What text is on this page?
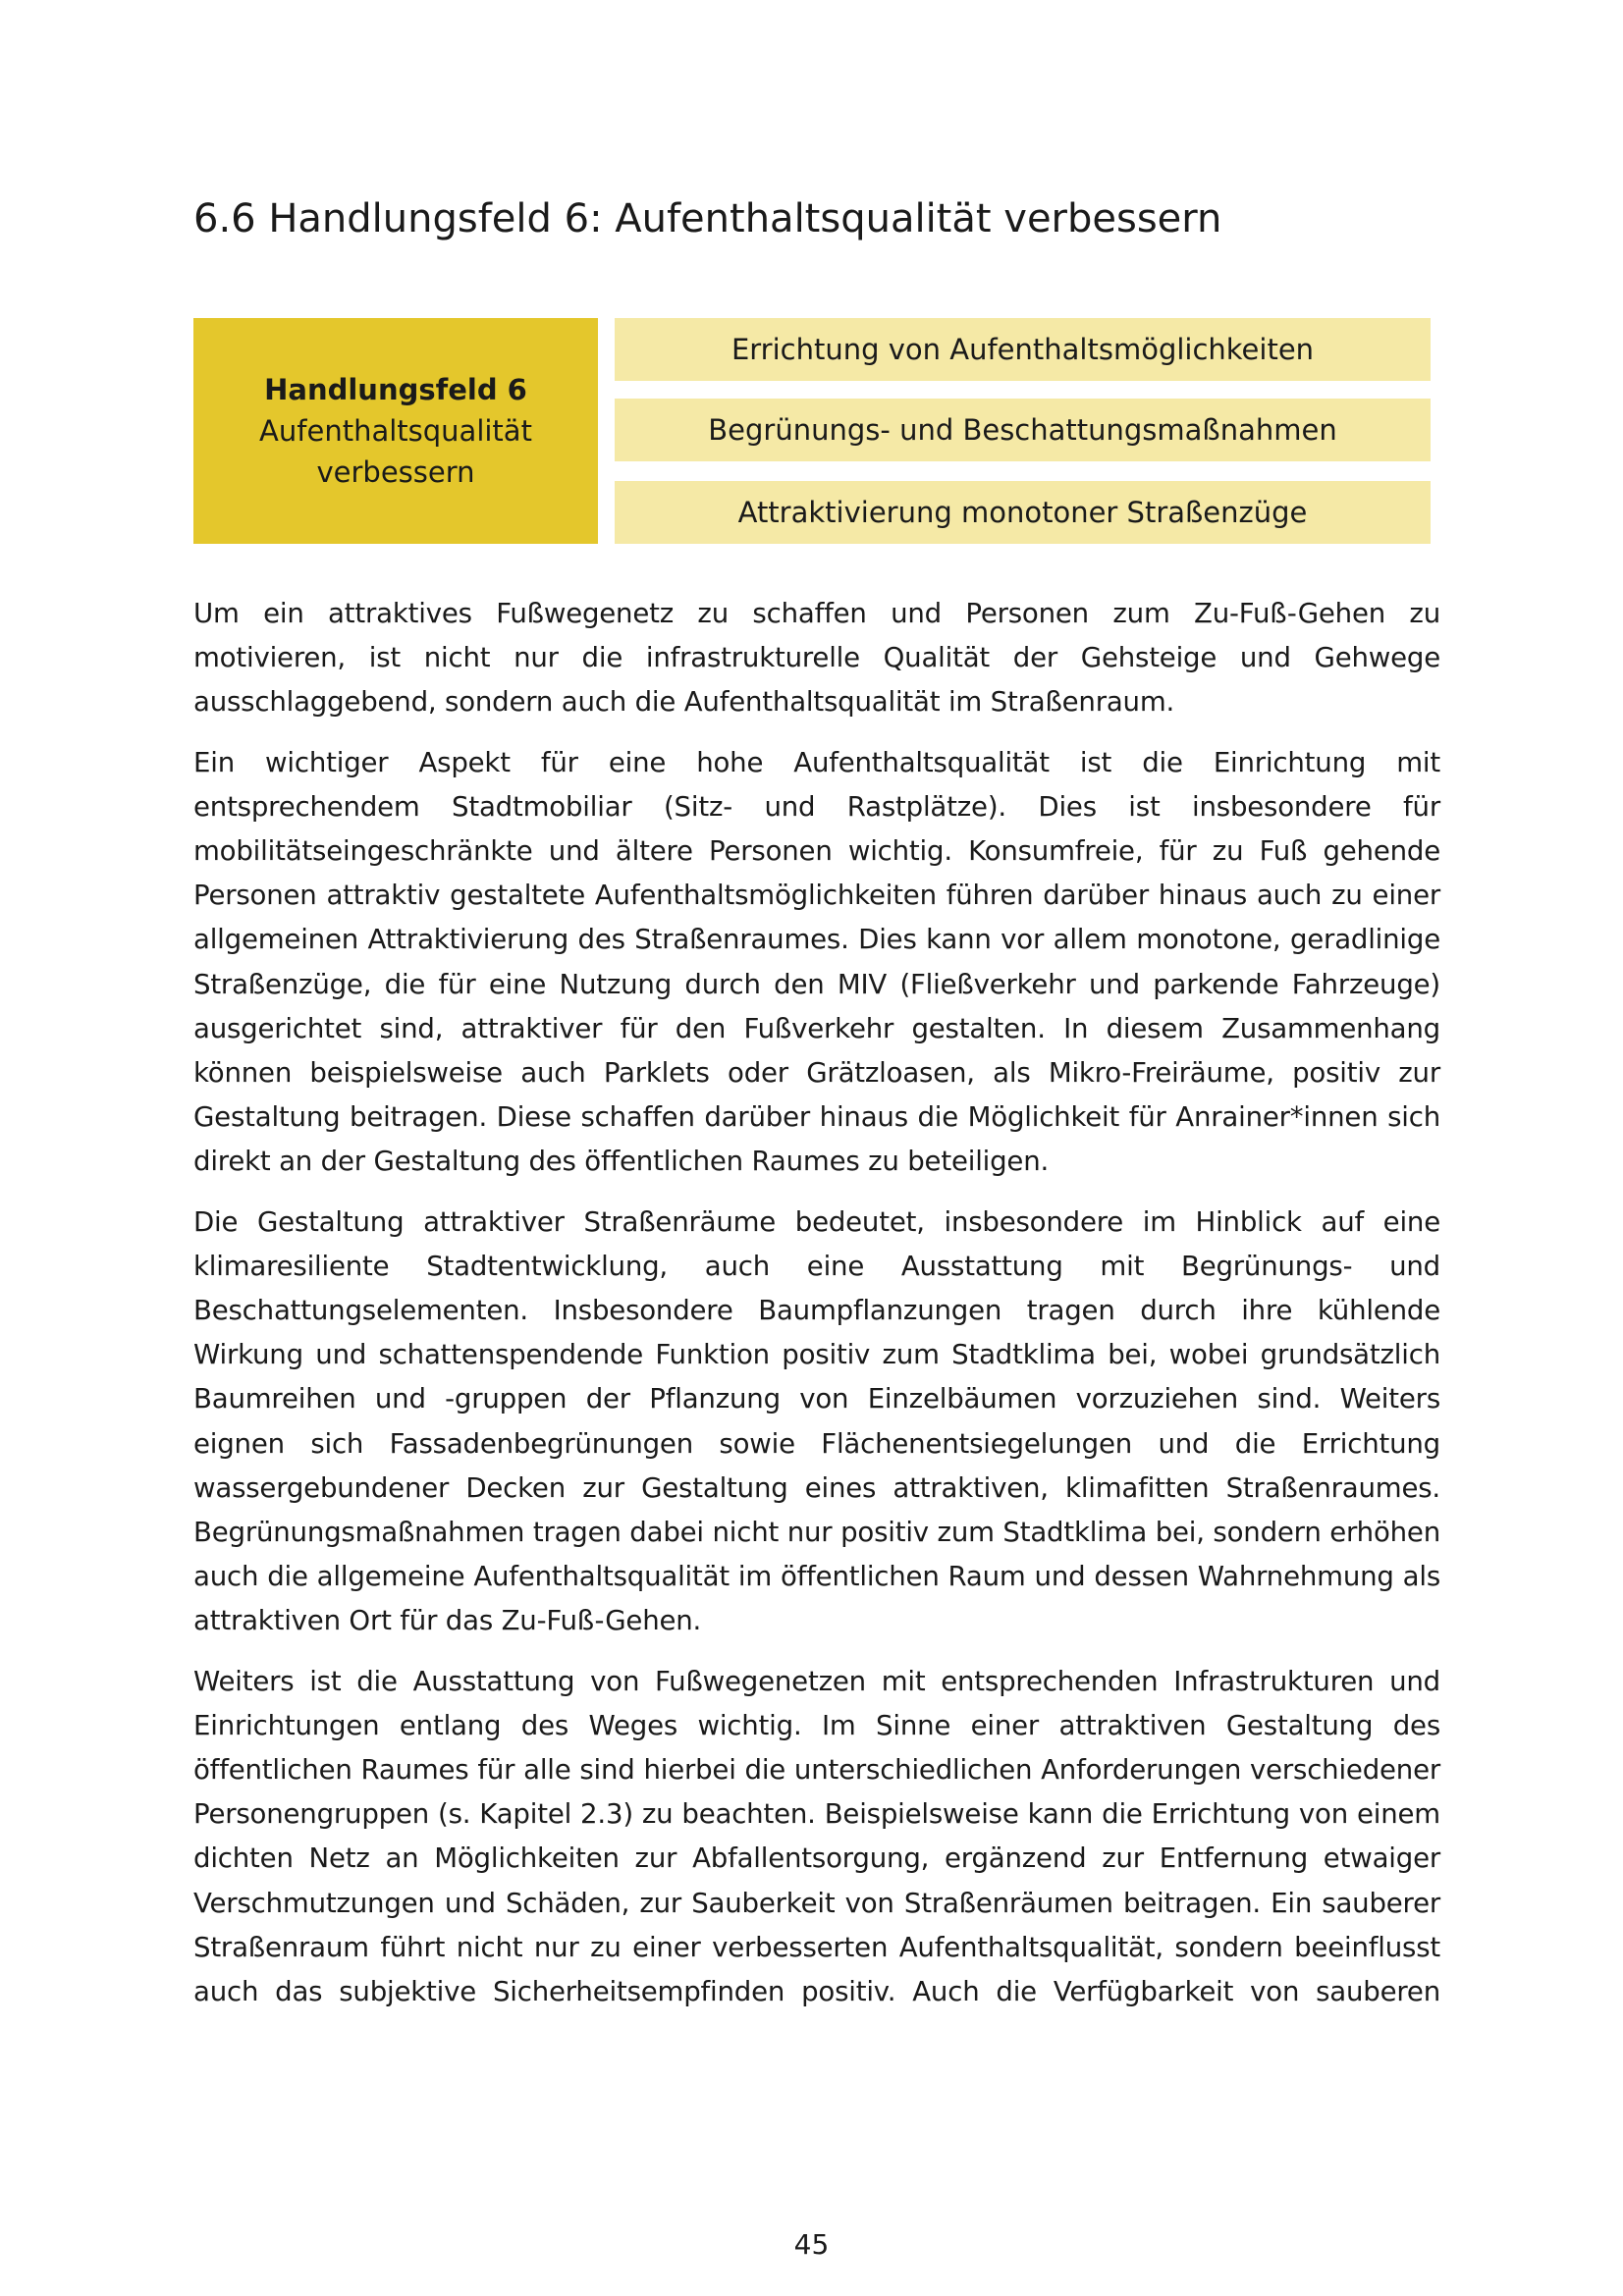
6.6 Handlungsfeld 6: Aufenthaltsqualität verbessern
Handlungsfeld 6
Aufenthaltsqualität
verbessern
Errichtung von Aufenthaltsmöglichkeiten
Begrünungs- und Beschattungsmaßnahmen
Attraktivierung monotoner Straßenzüge

Um ein attraktives Fußwegenetz zu schaffen und Personen zum Zu-Fuß-Gehen zu motivieren, ist nicht nur die infrastrukturelle Qualität der Gehsteige und Gehwege ausschlaggebend, sondern auch die Aufenthaltsqualität im Straßenraum.

Ein wichtiger Aspekt für eine hohe Aufenthaltsqualität ist die Einrichtung mit entsprechendem Stadtmobiliar (Sitz- und Rastplätze). Dies ist insbesondere für mobilitätseingeschränkte und ältere Personen wichtig. Konsumfreie, für zu Fuß gehende Personen attraktiv gestaltete Aufenthaltsmöglichkeiten führen darüber hinaus auch zu einer allgemeinen Attraktivierung des Straßenraumes. Dies kann vor allem monotone, geradlinige Straßenzüge, die für eine Nutzung durch den MIV (Fließverkehr und parkende Fahrzeuge) ausgerichtet sind, attraktiver für den Fußverkehr gestalten. In diesem Zusammenhang können beispielsweise auch Parklets oder Grätzloasen, als Mikro-Freiräume, positiv zur Gestaltung beitragen. Diese schaffen darüber hinaus die Möglichkeit für Anrainer*innen sich direkt an der Gestaltung des öffentlichen Raumes zu beteiligen.

Die Gestaltung attraktiver Straßenräume bedeutet, insbesondere im Hinblick auf eine klimaresiliente Stadtentwicklung, auch eine Ausstattung mit Begrünungs- und Beschattungselementen. Insbesondere Baumpflanzungen tragen durch ihre kühlende Wirkung und schattenspendende Funktion positiv zum Stadtklima bei, wobei grundsätzlich Baumreihen und -gruppen der Pflanzung von Einzelbäumen vorzuziehen sind. Weiters eignen sich Fassadenbegrünungen sowie Flächenentsiegelungen und die Errichtung wassergebundener Decken zur Gestaltung eines attraktiven, klimafitten Straßenraumes. Begrünungsmaßnahmen tragen dabei nicht nur positiv zum Stadtklima bei, sondern erhöhen auch die allgemeine Aufenthaltsqualität im öffentlichen Raum und dessen Wahrnehmung als attraktiven Ort für das Zu-Fuß-Gehen.

Weiters ist die Ausstattung von Fußwegenetzen mit entsprechenden Infrastrukturen und Einrichtungen entlang des Weges wichtig. Im Sinne einer attraktiven Gestaltung des öffentlichen Raumes für alle sind hierbei die unterschiedlichen Anforderungen verschiedener Personengruppen (s. Kapitel 2.3) zu beachten. Beispielsweise kann die Errichtung von einem dichten Netz an Möglichkeiten zur Abfallentsorgung, ergänzend zur Entfernung etwaiger Verschmutzungen und Schäden, zur Sauberkeit von Straßenräumen beitragen. Ein sauberer Straßenraum führt nicht nur zu einer verbesserten Aufenthaltsqualität, sondern beeinflusst auch das subjektive Sicherheitsempfinden positiv. Auch die Verfügbarkeit von sauberen

45
